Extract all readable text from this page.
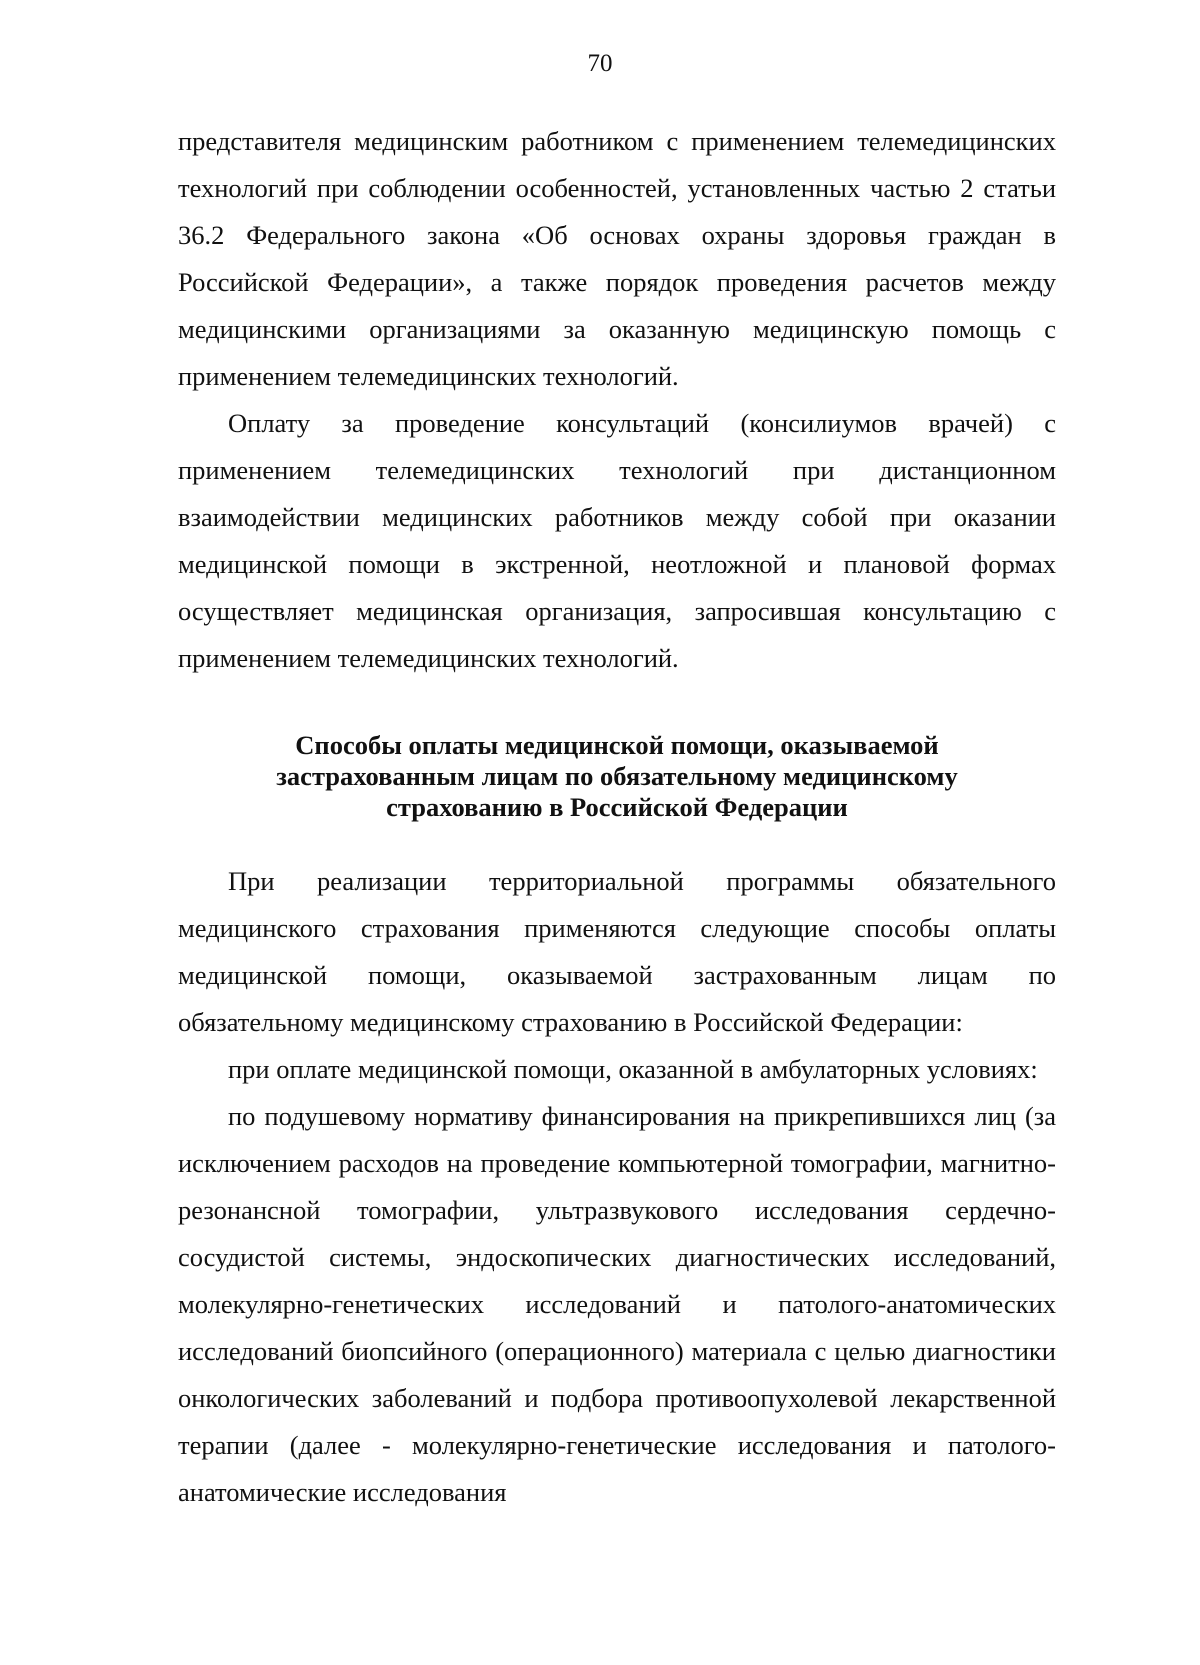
70

представителя медицинским работником с применением телемедицинских технологий при соблюдении особенностей, установленных частью 2 статьи 36.2 Федерального закона «Об основах охраны здоровья граждан в Российской Федерации», а также порядок проведения расчетов между медицинскими организациями за оказанную медицинскую помощь с применением телемедицинских технологий.

Оплату за проведение консультаций (консилиумов врачей) с применением телемедицинских технологий при дистанционном взаимодействии медицинских работников между собой при оказании медицинской помощи в экстренной, неотложной и плановой формах осуществляет медицинская организация, запросившая консультацию с применением телемедицинских технологий.

Способы оплаты медицинской помощи, оказываемой
застрахованным лицам по обязательному медицинскому
страхованию в Российской Федерации

При реализации территориальной программы обязательного медицинского страхования применяются следующие способы оплаты медицинской помощи, оказываемой застрахованным лицам по обязательному медицинскому страхованию в Российской Федерации:

при оплате медицинской помощи, оказанной в амбулаторных условиях:

по подушевому нормативу финансирования на прикрепившихся лиц (за исключением расходов на проведение компьютерной томографии, магнитно-резонансной томографии, ультразвукового исследования сердечно-сосудистой системы, эндоскопических диагностических исследований, молекулярно-генетических исследований и патолого-анатомических исследований биопсийного (операционного) материала с целью диагностики онкологических заболеваний и подбора противоопухолевой лекарственной терапии (далее - молекулярно-генетические исследования и патолого-анатомические исследования
